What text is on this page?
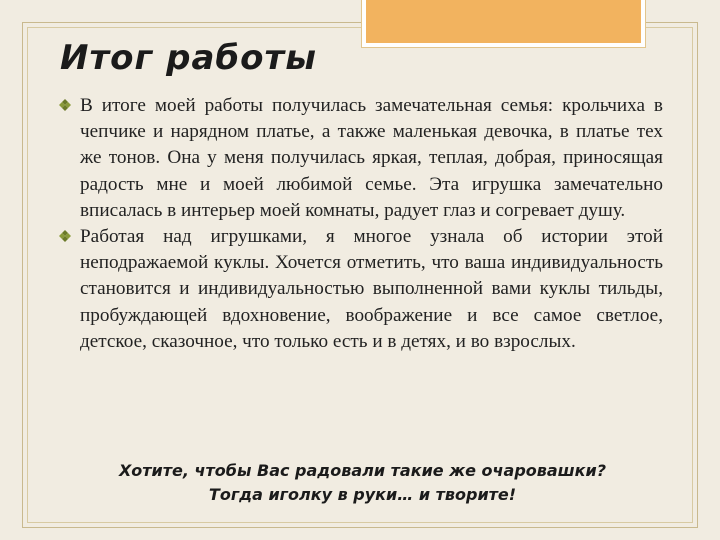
Итог работы
В итоге моей работы получилась замечательная семья: крольчиха в чепчике и нарядном платье, а также маленькая девочка, в платье тех же тонов. Она у меня получилась яркая, теплая, добрая, приносящая радость мне и моей любимой семье. Эта игрушка замечательно вписалась в интерьер моей комнаты, радует глаз и согревает душу.
Работая над игрушками, я многое узнала об истории этой неподражаемой куклы. Хочется отметить, что ваша индивидуальность становится и индивидуальностью выполненной вами куклы тильды, пробуждающей вдохновение, воображение и все самое светлое, детское, сказочное, что только есть и в детях, и во взрослых.
Хотите, чтобы Вас радовали такие же очаровашки?
Тогда иголку в руки… и творите!
